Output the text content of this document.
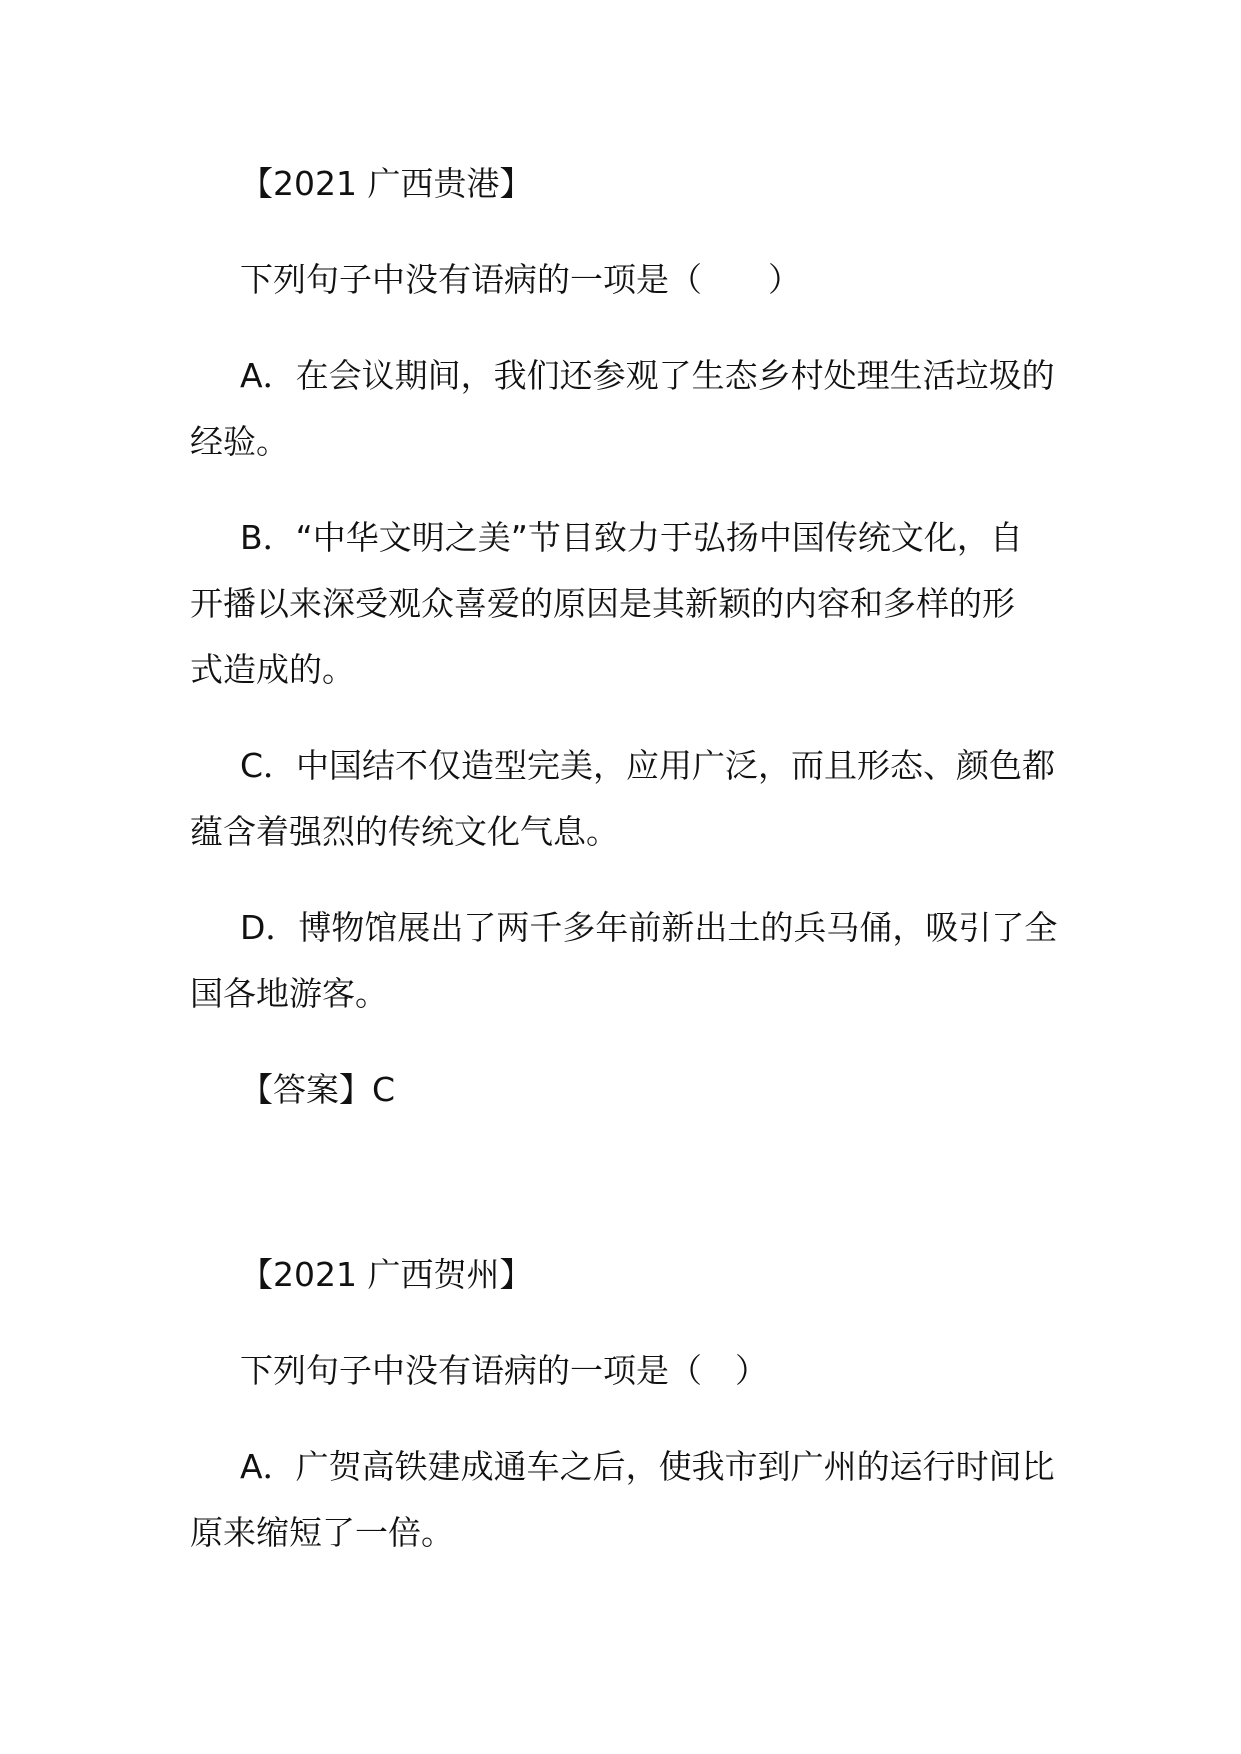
【2021 广西贵港】
下列句子中没有语病的一项是（　　）
A．在会议期间，我们还参观了生态乡村处理生活垃圾的
经验。
B．“中华文明之美”节目致力于弘扬中国传统文化，自
开播以来深受观众喜爱的原因是其新颖的内容和多样的形
式造成的。
C．中国结不仅造型完美，应用广泛，而且形态、颜色都
蕴含着强烈的传统文化气息。
D．博物馆展出了两千多年前新出土的兵马俑，吸引了全
国各地游客。
【答案】C
【2021 广西贺州】
下列句子中没有语病的一项是（　）
A．广贺高铁建成通车之后，使我市到广州的运行时间比
原来缩短了一倍。
